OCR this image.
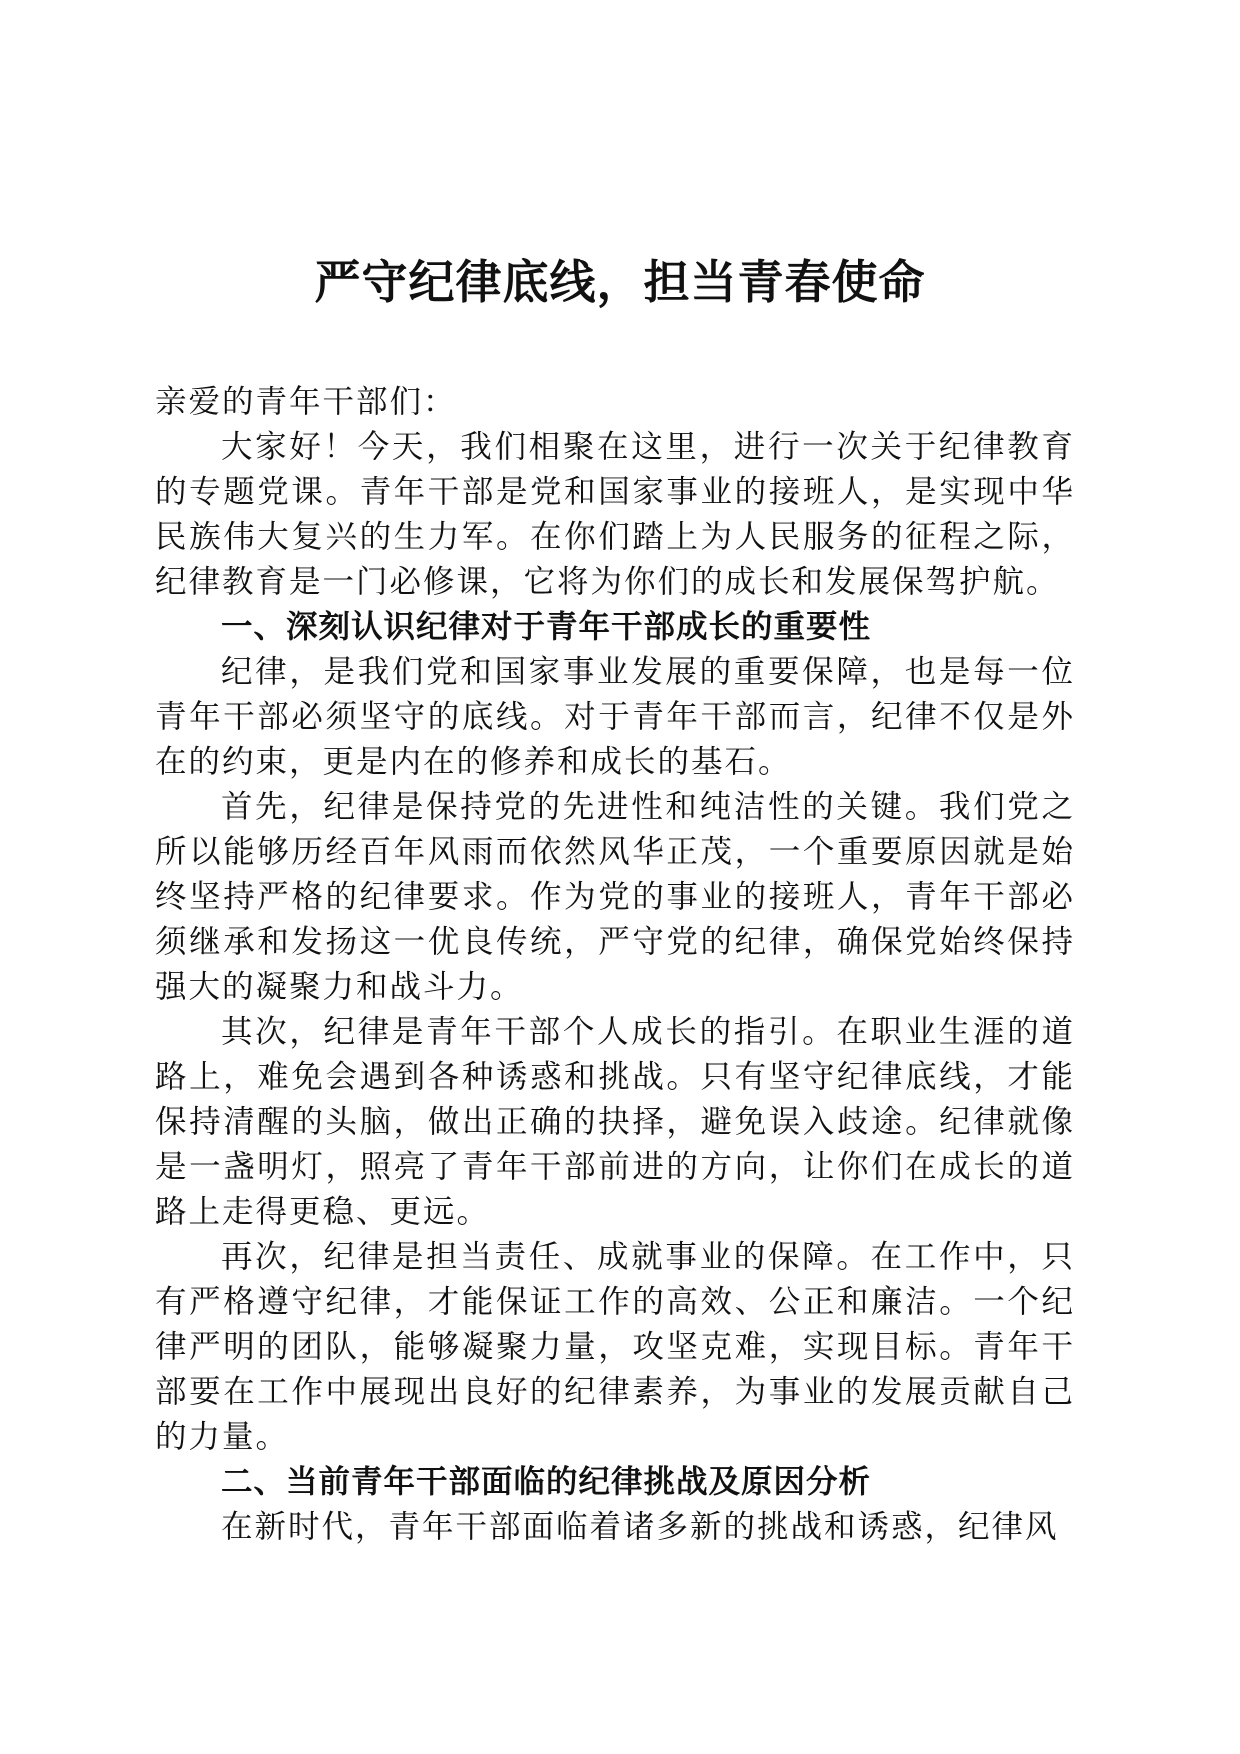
严守纪律底线，担当青春使命

亲爱的青年干部们：

大家好！今天，我们相聚在这里，进行一次关于纪律教育的专题党课。青年干部是党和国家事业的接班人，是实现中华民族伟大复兴的生力军。在你们踏上为人民服务的征程之际，纪律教育是一门必修课，它将为你们的成长和发展保驾护航。

一、深刻认识纪律对于青年干部成长的重要性

纪律，是我们党和国家事业发展的重要保障，也是每一位青年干部必须坚守的底线。对于青年干部而言，纪律不仅是外在的约束，更是内在的修养和成长的基石。

首先，纪律是保持党的先进性和纯洁性的关键。我们党之所以能够历经百年风雨而依然风华正茂，一个重要原因就是始终坚持严格的纪律要求。作为党的事业的接班人，青年干部必须继承和发扬这一优良传统，严守党的纪律，确保党始终保持强大的凝聚力和战斗力。

其次，纪律是青年干部个人成长的指引。在职业生涯的道路上，难免会遇到各种诱惑和挑战。只有坚守纪律底线，才能保持清醒的头脑，做出正确的抉择，避免误入歧途。纪律就像是一盏明灯，照亮了青年干部前进的方向，让你们在成长的道路上走得更稳、更远。

再次，纪律是担当责任、成就事业的保障。在工作中，只有严格遵守纪律，才能保证工作的高效、公正和廉洁。一个纪律严明的团队，能够凝聚力量，攻坚克难，实现目标。青年干部要在工作中展现出良好的纪律素养，为事业的发展贡献自己的力量。

二、当前青年干部面临的纪律挑战及原因分析

在新时代，青年干部面临着诸多新的挑战和诱惑，纪律风
